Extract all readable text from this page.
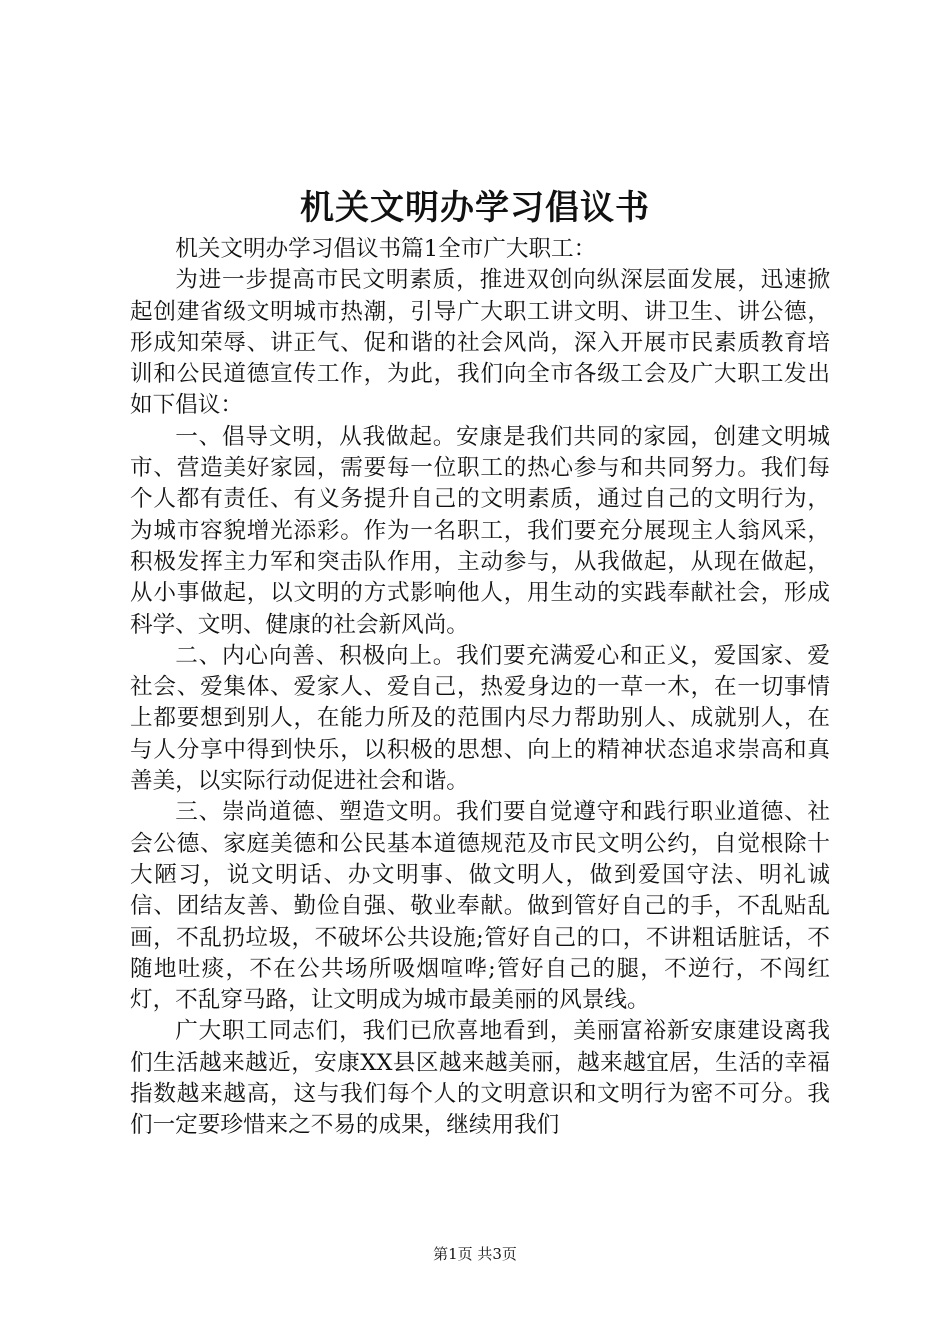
机关文明办学习倡议书

机关文明办学习倡议书篇1全市广大职工：

为进一步提高市民文明素质，推进双创向纵深层面发展，迅速掀起创建省级文明城市热潮，引导广大职工讲文明、讲卫生、讲公德，形成知荣辱、讲正气、促和谐的社会风尚，深入开展市民素质教育培训和公民道德宣传工作，为此，我们向全市各级工会及广大职工发出如下倡议：

一、倡导文明，从我做起。安康是我们共同的家园，创建文明城市、营造美好家园，需要每一位职工的热心参与和共同努力。我们每个人都有责任、有义务提升自己的文明素质，通过自己的文明行为，为城市容貌增光添彩。作为一名职工，我们要充分展现主人翁风采，积极发挥主力军和突击队作用，主动参与，从我做起，从现在做起，从小事做起，以文明的方式影响他人，用生动的实践奉献社会，形成科学、文明、健康的社会新风尚。

二、内心向善、积极向上。我们要充满爱心和正义，爱国家、爱社会、爱集体、爱家人、爱自己，热爱身边的一草一木，在一切事情上都要想到别人，在能力所及的范围内尽力帮助别人、成就别人，在与人分享中得到快乐，以积极的思想、向上的精神状态追求崇高和真善美，以实际行动促进社会和谐。

三、崇尚道德、塑造文明。我们要自觉遵守和践行职业道德、社会公德、家庭美德和公民基本道德规范及市民文明公约，自觉根除十大陋习，说文明话、办文明事、做文明人，做到爱国守法、明礼诚信、团结友善、勤俭自强、敬业奉献。做到管好自己的手，不乱贴乱画，不乱扔垃圾，不破坏公共设施;管好自己的口，不讲粗话脏话，不随地吐痰，不在公共场所吸烟喧哗;管好自己的腿，不逆行，不闯红灯，不乱穿马路，让文明成为城市最美丽的风景线。

广大职工同志们，我们已欣喜地看到，美丽富裕新安康建设离我们生活越来越近，安康XX县区越来越美丽，越来越宜居，生活的幸福指数越来越高，这与我们每个人的文明意识和文明行为密不可分。我们一定要珍惜来之不易的成果，继续用我们

第1页 共3页
